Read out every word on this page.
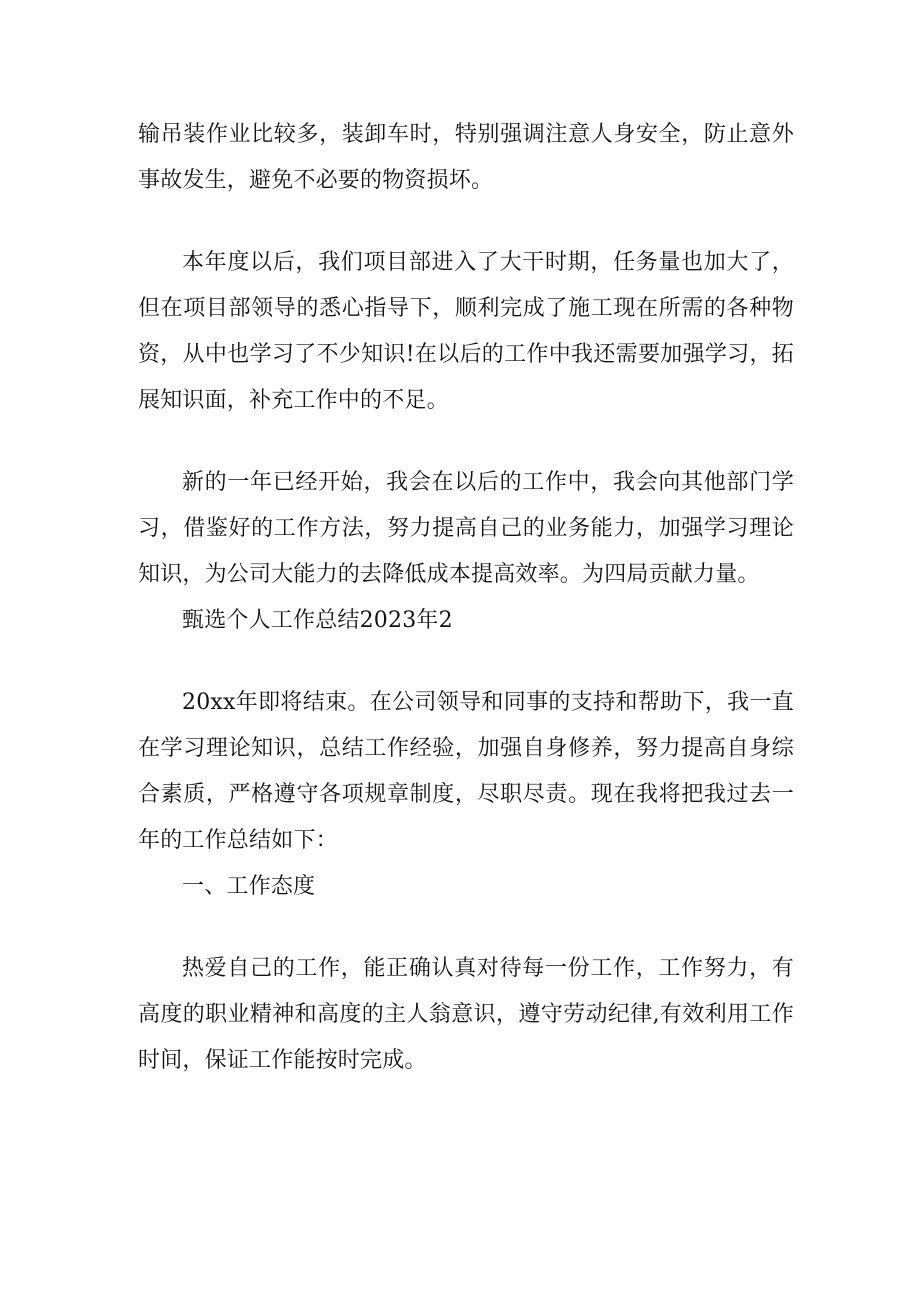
输吊装作业比较多，装卸车时，特别强调注意人身安全，防止意外事故发生，避免不必要的物资损坏。

本年度以后，我们项目部进入了大干时期，任务量也加大了，但在项目部领导的悉心指导下，顺利完成了施工现在所需的各种物资，从中也学习了不少知识!在以后的工作中我还需要加强学习，拓展知识面，补充工作中的不足。

新的一年已经开始，我会在以后的工作中，我会向其他部门学习，借鉴好的工作方法，努力提高自己的业务能力，加强学习理论知识，为公司大能力的去降低成本提高效率。为四局贡献力量。

甄选个人工作总结2023年2

20xx年即将结束。在公司领导和同事的支持和帮助下，我一直在学习理论知识，总结工作经验，加强自身修养，努力提高自身综合素质，严格遵守各项规章制度，尽职尽责。现在我将把我过去一年的工作总结如下：

一、工作态度

热爱自己的工作，能正确认真对待每一份工作，工作努力，有高度的职业精神和高度的主人翁意识，遵守劳动纪律,有效利用工作时间，保证工作能按时完成。
